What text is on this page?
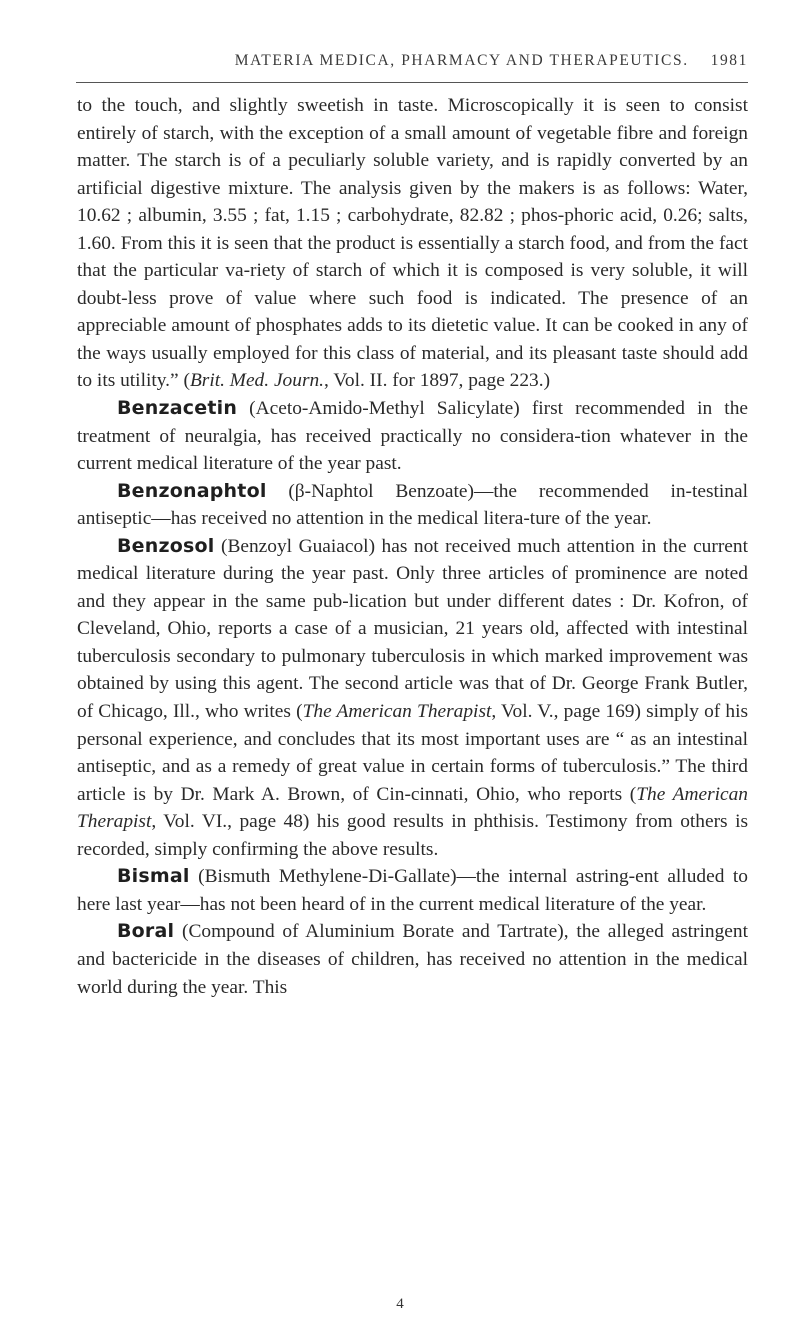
MATERIA MEDICA, PHARMACY AND THERAPEUTICS. 1981

to the touch, and slightly sweetish in taste. Microscopically it is seen to consist entirely of starch, with the exception of a small amount of vegetable fibre and foreign matter. The starch is of a peculiarly soluble variety, and is rapidly converted by an artificial digestive mixture. The analysis given by the makers is as follows: Water, 10.62 ; albumin, 3.55 ; fat, 1.15 ; carbohydrate, 82.82 ; phos-phoric acid, 0.26; salts, 1.60. From this it is seen that the product is essentially a starch food, and from the fact that the particular va-riety of starch of which it is composed is very soluble, it will doubt-less prove of value where such food is indicated. The presence of an appreciable amount of phosphates adds to its dietetic value. It can be cooked in any of the ways usually employed for this class of material, and its pleasant taste should add to its utility.” (Brit. Med. Journ., Vol. II. for 1897, page 223.)

Benzacetin (Aceto-Amido-Methyl Salicylate) first recommended in the treatment of neuralgia, has received practically no considera-tion whatever in the current medical literature of the year past.

Benzonaphtol (β-Naphtol Benzoate)—the recommended in-testinal antiseptic—has received no attention in the medical litera-ture of the year.

Benzosol (Benzoyl Guaiacol) has not received much attention in the current medical literature during the year past. Only three articles of prominence are noted and they appear in the same pub-lication but under different dates : Dr. Kofron, of Cleveland, Ohio, reports a case of a musician, 21 years old, affected with intestinal tuberculosis secondary to pulmonary tuberculosis in which marked improvement was obtained by using this agent. The second article was that of Dr. George Frank Butler, of Chicago, Ill., who writes (The American Therapist, Vol. V., page 169) simply of his personal experience, and concludes that its most important uses are “ as an intestinal antiseptic, and as a remedy of great value in certain forms of tuberculosis.” The third article is by Dr. Mark A. Brown, of Cin-cinnati, Ohio, who reports (The American Therapist, Vol. VI., page 48) his good results in phthisis. Testimony from others is recorded, simply confirming the above results.

Bismal (Bismuth Methylene-Di-Gallate)—the internal astring-ent alluded to here last year—has not been heard of in the current medical literature of the year.

Boral (Compound of Aluminium Borate and Tartrate), the alleged astringent and bactericide in the diseases of children, has received no attention in the medical world during the year. This

4
